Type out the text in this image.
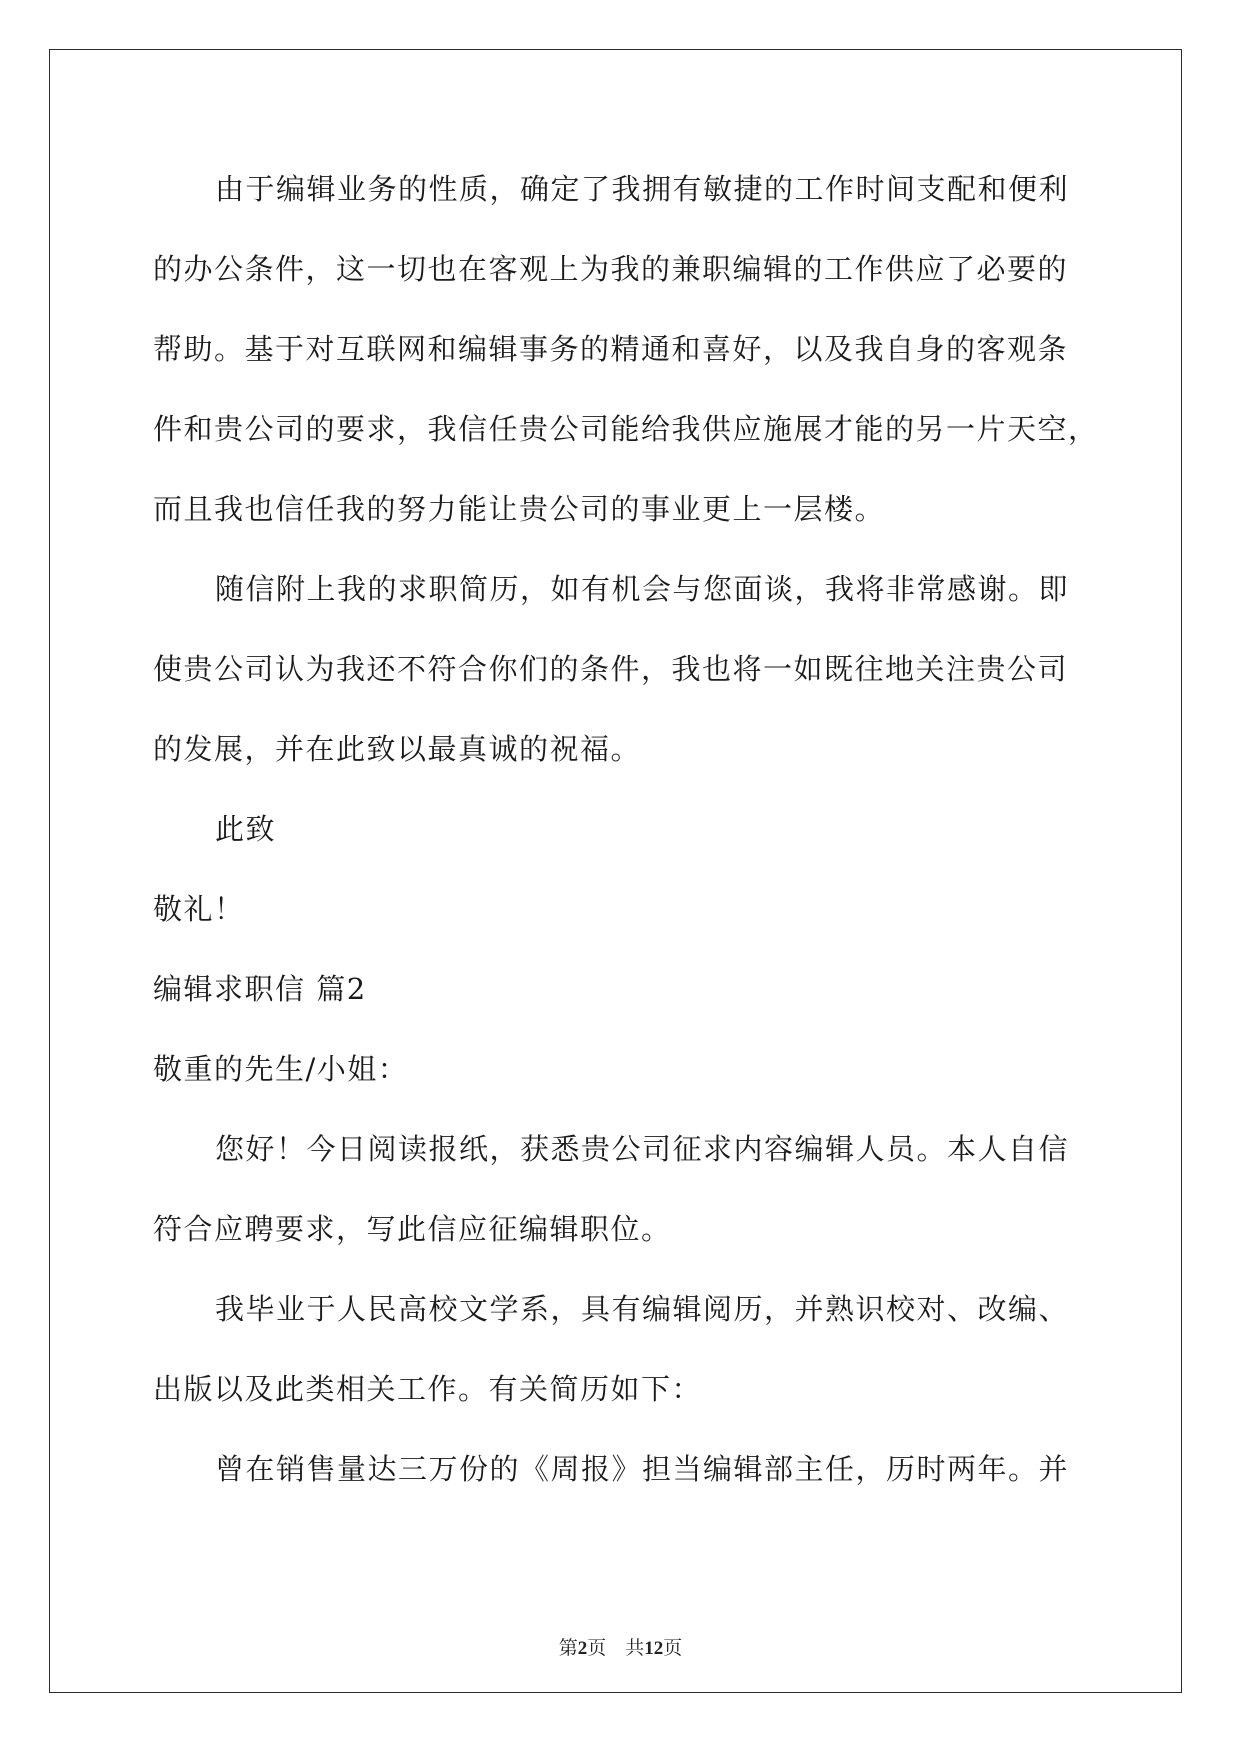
由于编辑业务的性质，确定了我拥有敏捷的工作时间支配和便利
的办公条件，这一切也在客观上为我的兼职编辑的工作供应了必要的
帮助。基于对互联网和编辑事务的精通和喜好，以及我自身的客观条
件和贵公司的要求，我信任贵公司能给我供应施展才能的另一片天空，
而且我也信任我的努力能让贵公司的事业更上一层楼。
随信附上我的求职简历，如有机会与您面谈，我将非常感谢。即
使贵公司认为我还不符合你们的条件，我也将一如既往地关注贵公司
的发展，并在此致以最真诚的祝福。
此致
敬礼！
编辑求职信 篇2
敬重的先生/小姐：
您好！今日阅读报纸，获悉贵公司征求内容编辑人员。本人自信
符合应聘要求，写此信应征编辑职位。
我毕业于人民高校文学系，具有编辑阅历，并熟识校对、改编、
出版以及此类相关工作。有关简历如下：
曾在销售量达三万份的《周报》担当编辑部主任，历时两年。并
第2页 共12页
